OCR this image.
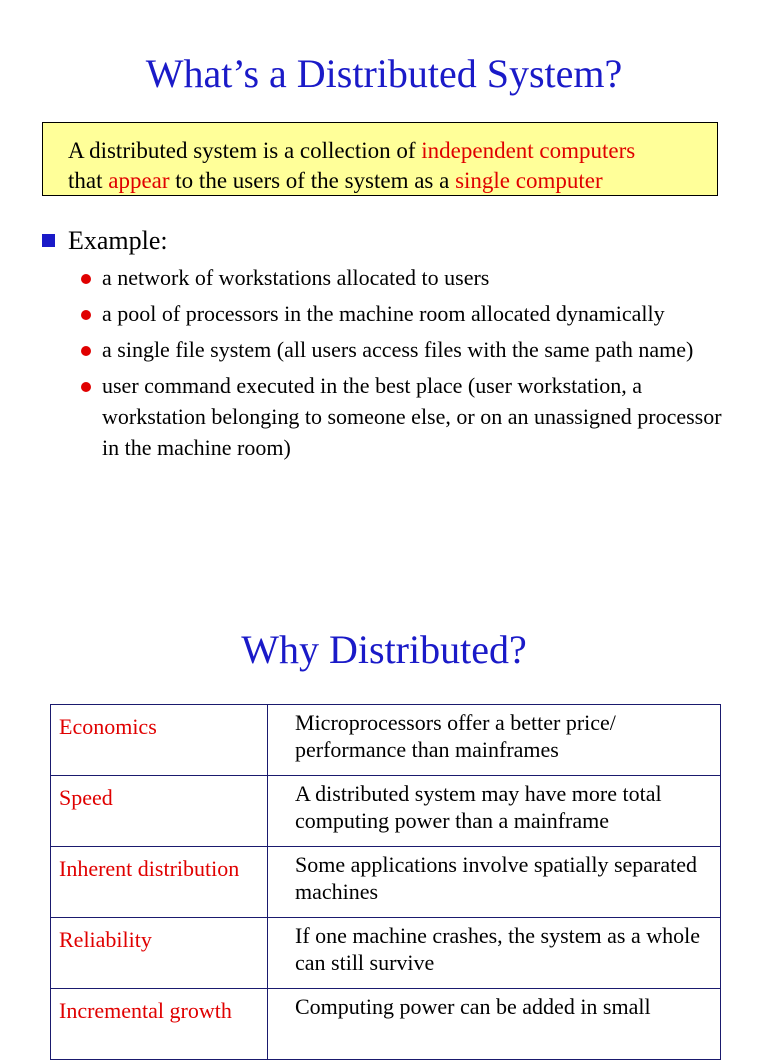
What’s a Distributed System?
A distributed system is a collection of independent computers
that appear to the users of the system as a single computer
Example:
a network of workstations allocated to users
a pool of processors in the machine room allocated dynamically
a single file system (all users access files with the same path name)
user command executed in the best place (user workstation, a workstation belonging to someone else, or on an unassigned processor in the machine room)
Why Distributed?
Economics	Microprocessors offer a better price/ performance than mainframes
Speed	A distributed system may have more total computing power than a mainframe
Inherent distribution	Some applications involve spatially separated machines
Reliability	If one machine crashes, the system as a whole can still survive
Incremental growth	Computing power can be added in small
